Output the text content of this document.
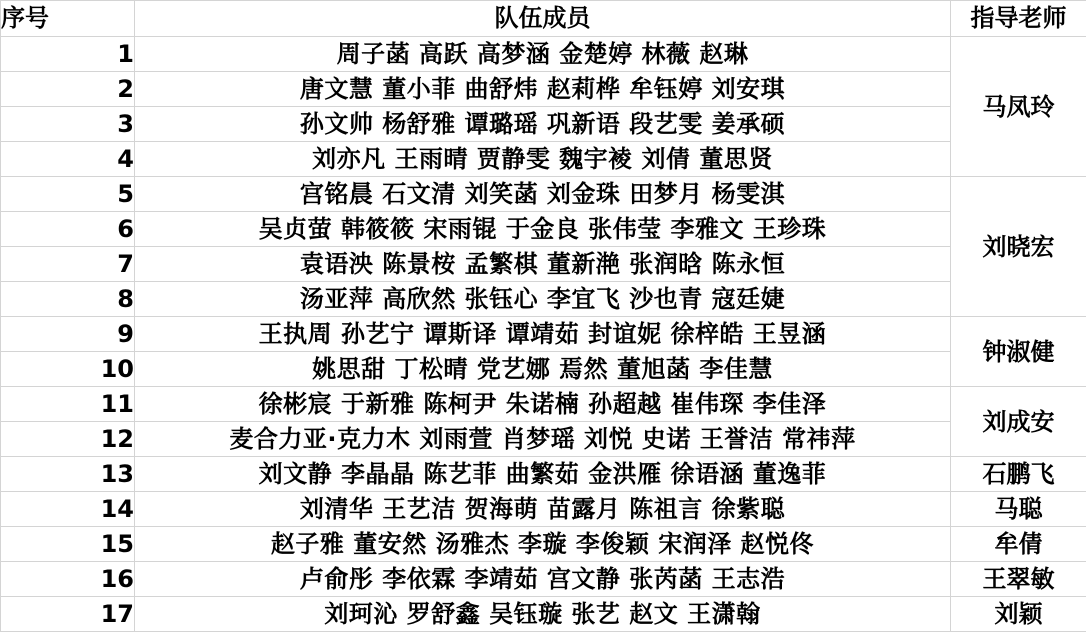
序号	队伍成员	指导老师
1	周子菡 高跃 高梦涵 金楚婷 林薇 赵琳	马凤玲
2	唐文慧 董小菲 曲舒炜 赵莉桦 牟钰婷 刘安琪	
3	孙文帅 杨舒雅 谭璐瑶 巩新语 段艺雯 姜承硕	
4	刘亦凡 王雨晴 贾静雯 魏宇裬 刘倩 董思贤	
5	宫铭晨 石文清 刘笑菡 刘金珠 田梦月 杨雯淇	刘晓宏
6	吴贞萤 韩筱筱 宋雨锟 于金良 张伟莹 李雅文 王珍珠	
7	袁语泱 陈景桉 孟繁棋 董新滟 张润晗 陈永恒	
8	汤亚萍 高欣然 张钰心 李宜飞 沙也青 寇廷婕	
9	王执周 孙艺宁 谭斯译 谭靖茹 封谊妮 徐梓皓 王昱涵	钟淑健
10	姚思甜 丁松晴 党艺娜 焉然 董旭菡 李佳慧	
11	徐彬宸 于新雅 陈柯尹 朱诺楠 孙超越 崔伟琛 李佳泽	刘成安
12	麦合力亚·克力木 刘雨萱 肖梦瑶 刘悦 史诺 王誉洁 常祎萍	
13	刘文静 李晶晶 陈艺菲 曲繁茹 金洪雁 徐语涵 董逸菲	石鹏飞
14	刘清华 王艺洁 贺海萌 苗露月 陈祖言 徐紫聪	马聪
15	赵子雅 董安然 汤雅杰 李璇 李俊颖 宋润泽 赵悦佟	牟倩
16	卢俞彤 李依霖 李靖茹 宫文静 张芮菡 王志浩	王翠敏
17	刘珂沁 罗舒鑫 吴钰璇 张艺 赵文 王潇翰	刘颖
